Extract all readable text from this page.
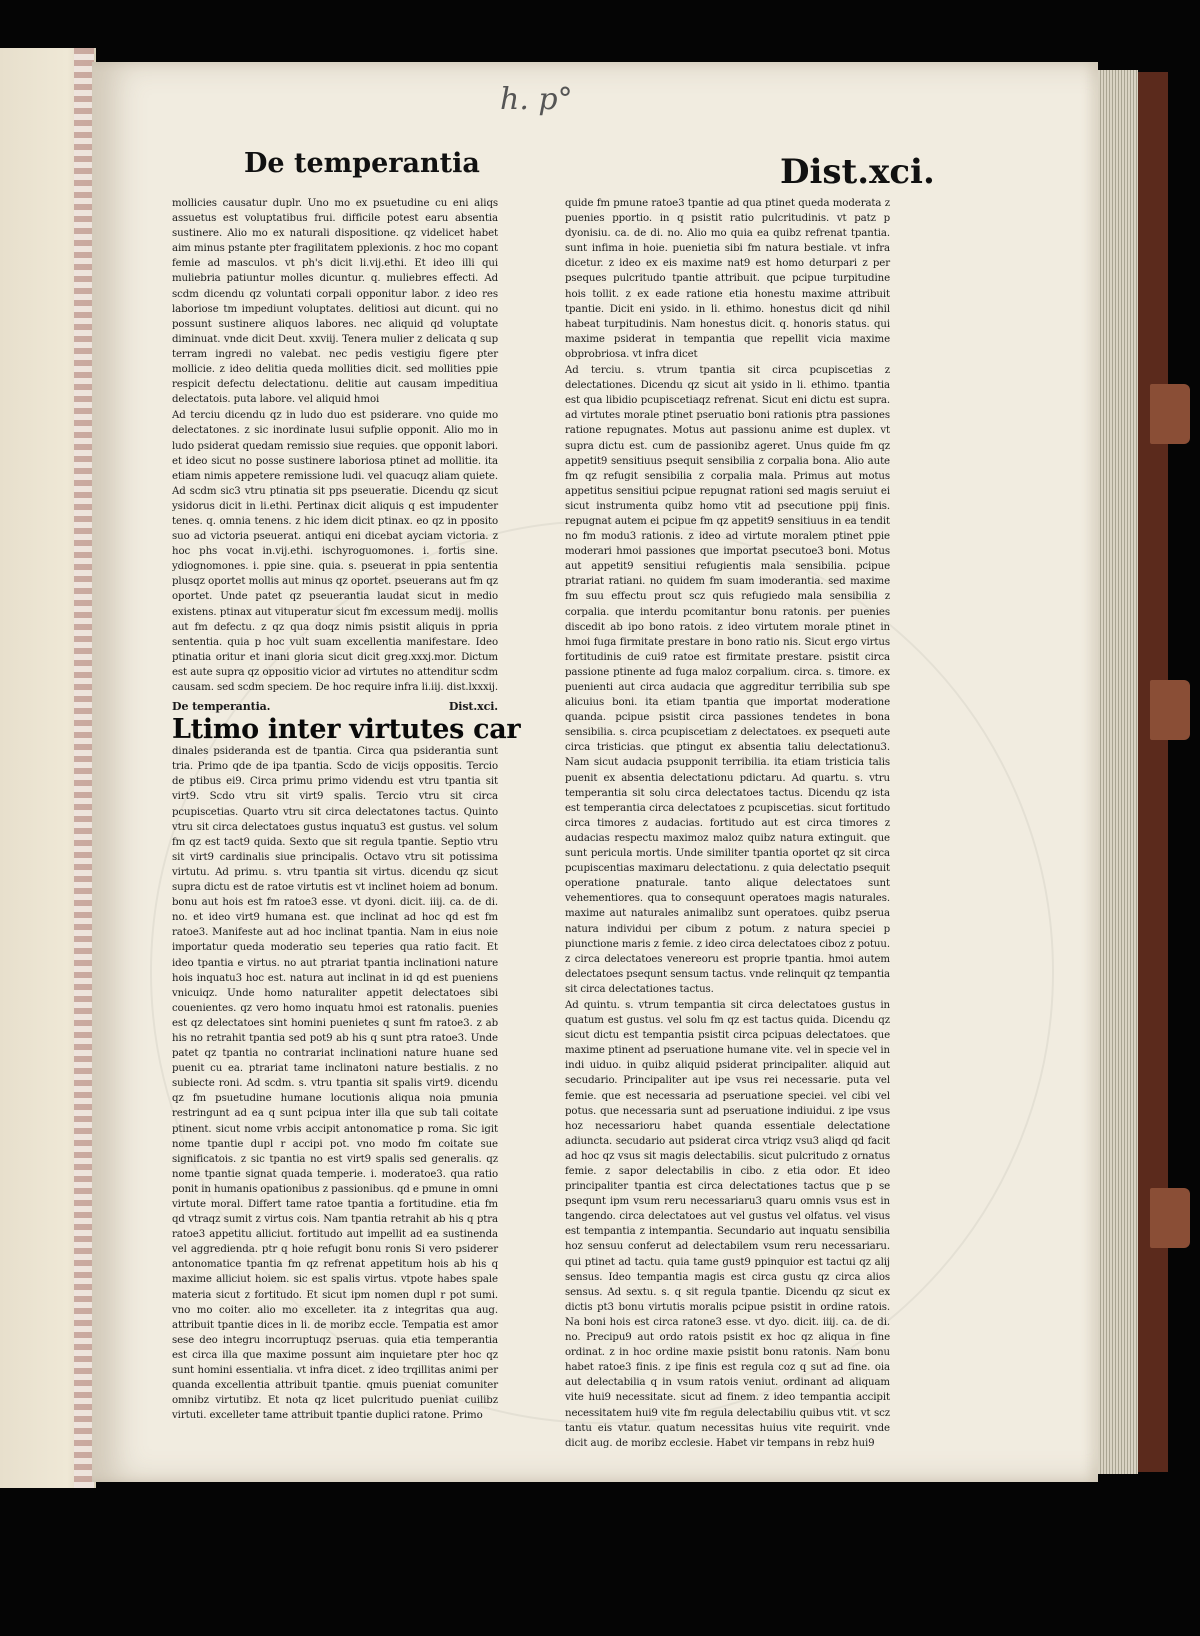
h. p°
De temperantia	Dist.xci.

mollicies causatur duplr. Uno mo ex psuetudine cu eni aliqs assuetus est voluptatibus frui. difficile potest earu absentia sustinere. Alio mo ex naturali dispositione. qz videlicet habet aim minus pstante pter fragilitatem pplexionis. z hoc mo copant femie ad masculos. vt ph's dicit li.vij.ethi. Et ideo illi qui muliebria patiuntur molles dicuntur. q. muliebres effecti. Ad scdm dicendu qz voluntati corpali opponitur labor. z ideo res laboriose tm impediunt voluptates. delitiosi aut dicunt. qui no possunt sustinere aliquos labores. nec aliquid qd voluptate diminuat. vnde dicit Deut. xxviij. Tenera mulier z delicata q sup terram ingredi no valebat. nec pedis vestigiu figere pter mollicie. z ideo delitia queda mollities dicit. sed mollities ppie respicit defectu delectationu. delitie aut causam impeditiua delectatois. puta labore. vel aliquid hmoi

Ad terciu dicendu qz in ludo duo est psiderare. vno quide mo delectatones. z sic inordinate lusui sufplie opponit. Alio mo in ludo psiderat quedam remissio siue requies. que opponit labori. et ideo sicut no posse sustinere laboriosa ptinet ad mollitie. ita etiam nimis appetere remissione ludi. vel quacuqz aliam quiete. Ad scdm sic3 vtru ptinatia sit pps pseueratie. Dicendu qz sicut ysidorus dicit in li.ethi. Pertinax dicit aliquis q est impudenter tenes. q. omnia tenens. z hic idem dicit ptinax. eo qz in pposito suo ad victoria pseuerat. antiqui eni dicebat ayciam victoria. z hoc phs vocat in.vij.ethi. ischyroguomones. i. fortis sine. ydiognomones. i. ppie sine. quia. s. pseuerat in ppia sententia plusqz oportet mollis aut minus qz oportet. pseuerans aut fm qz oportet. Unde patet qz pseuerantia laudat sicut in medio existens. ptinax aut vituperatur sicut fm excessum medij. mollis aut fm defectu. z qz qua doqz nimis psistit aliquis in ppria sententia. quia p hoc vult suam excellentia manifestare. Ideo ptinatia oritur et inani gloria sicut dicit greg.xxxj.mor. Dictum est aute supra qz oppositio vicior ad virtutes no attenditur scdm causam. sed scdm speciem. De hoc require infra li.iij. dist.lxxxij.

De temperantia.	Dist.xci.
Ltimo inter virtutes car

dinales psideranda est de tpantia. Circa qua psiderantia sunt tria. Primo qde de ipa tpantia. Scdo de vicijs oppositis. Tercio de ptibus ei9. Circa primu primo videndu est vtru tpantia sit virt9. Scdo vtru sit virt9 spalis. Tercio vtru sit circa pcupiscetias. Quarto vtru sit circa delectatones tactus. Quinto vtru sit circa delectatoes gustus inquatu3 est gustus. vel solum fm qz est tact9 quida. Sexto que sit regula tpantie. Septio vtru sit virt9 cardinalis siue principalis. Octavo vtru sit potissima virtutu. Ad primu. s. vtru tpantia sit virtus. dicendu qz sicut supra dictu est de ratoe virtutis est vt inclinet hoiem ad bonum. bonu aut hois est fm ratoe3 esse. vt dyoni. dicit. iiij. ca. de di. no. et ideo virt9 humana est. que inclinat ad hoc qd est fm ratoe3. Manifeste aut ad hoc inclinat tpantia. Nam in eius noie importatur queda moderatio seu teperies qua ratio facit. Et ideo tpantia e virtus. no aut ptrariat tpantia inclinationi nature hois inquatu3 hoc est. natura aut inclinat in id qd est pueniens vnicuiqz. Unde homo naturaliter appetit delectatoes sibi couenientes. qz vero homo inquatu hmoi est ratonalis. puenies est qz delectatoes sint homini puenietes q sunt fm ratoe3. z ab his no retrahit tpantia sed pot9 ab his q sunt ptra ratoe3. Unde patet qz tpantia no contrariat inclinationi nature huane sed puenit cu ea. ptrariat tame inclinatoni nature bestialis. z no subiecte roni. Ad scdm. s. vtru tpantia sit spalis virt9. dicendu qz fm psuetudine humane locutionis aliqua noia pmunia restringunt ad ea q sunt pcipua inter illa que sub tali coitate ptinent. sicut nome vrbis accipit antonomatice p roma. Sic igit nome tpantie dupl r accipi pot. vno modo fm coitate sue significatois. z sic tpantia no est virt9 spalis sed generalis. qz nome tpantie signat quada temperie. i. moderatoe3. qua ratio ponit in humanis opationibus z passionibus. qd e pmune in omni virtute moral. Differt tame ratoe tpantia a fortitudine. etia fm qd vtraqz sumit z virtus cois. Nam tpantia retrahit ab his q ptra ratoe3 appetitu alliciut. fortitudo aut impellit ad ea sustinenda vel aggredienda. ptr q hoie refugit bonu ronis Si vero psiderer antonomatice tpantia fm qz refrenat appetitum hois ab his q maxime alliciut hoiem. sic est spalis virtus. vtpote habes spale materia sicut z fortitudo. Et sicut ipm nomen dupl r pot sumi. vno mo coiter. alio mo excelleter. ita z integritas qua aug. attribuit tpantie dices in li. de moribz eccle. Tempatia est amor sese deo integru incorruptuqz pseruas. quia etia temperantia est circa illa que maxime possunt aim inquietare pter hoc qz sunt homini essentialia. vt infra dicet. z ideo trqillitas animi per quanda excellentia attribuit tpantie. qmuis pueniat comuniter omnibz virtutibz. Et nota qz licet pulcritudo pueniat cuilibz virtuti. excelleter tame attribuit tpantie duplici ratone. Primo

quide fm pmune ratoe3 tpantie ad qua ptinet queda moderata z puenies pportio. in q psistit ratio pulcritudinis. vt patz p dyonisiu. ca. de di. no. Alio mo quia ea quibz refrenat tpantia. sunt infima in hoie. puenietia sibi fm natura bestiale. vt infra dicetur. z ideo ex eis maxime nat9 est homo deturpari z per pseques pulcritudo tpantie attribuit. que pcipue turpitudine hois tollit. z ex eade ratione etia honestu maxime attribuit tpantie. Dicit eni ysido. in li. ethimo. honestus dicit qd nihil habeat turpitudinis. Nam honestus dicit. q. honoris status. qui maxime psiderat in tempantia que repellit vicia maxime obprobriosa. vt infra dicet

Ad terciu. s. vtrum tpantia sit circa pcupiscetias z delectationes. Dicendu qz sicut ait ysido in li. ethimo. tpantia est qua libidio pcupiscetiaqz refrenat. Sicut eni dictu est supra. ad virtutes morale ptinet pseruatio boni rationis ptra passiones ratione repugnates. Motus aut passionu anime est duplex. vt supra dictu est. cum de passionibz ageret. Unus quide fm qz appetit9 sensitiuus psequit sensibilia z corpalia bona. Alio aute fm qz refugit sensibilia z corpalia mala. Primus aut motus appetitus sensitiui pcipue repugnat rationi sed magis seruiut ei sicut instrumenta quibz homo vtit ad psecutione ppij finis. repugnat autem ei pcipue fm qz appetit9 sensitiuus in ea tendit no fm modu3 rationis. z ideo ad virtute moralem ptinet ppie moderari hmoi passiones que importat psecutoe3 boni. Motus aut appetit9 sensitiui refugientis mala sensibilia. pcipue ptrariat ratiani. no quidem fm suam imoderantia. sed maxime fm suu effectu prout scz quis refugiedo mala sensibilia z corpalia. que interdu pcomitantur bonu ratonis. per puenies discedit ab ipo bono ratois. z ideo virtutem morale ptinet in hmoi fuga firmitate prestare in bono ratio nis. Sicut ergo virtus fortitudinis de cui9 ratoe est firmitate prestare. psistit circa passione ptinente ad fuga maloz corpalium. circa. s. timore. ex puenienti aut circa audacia que aggreditur terribilia sub spe alicuius boni. ita etiam tpantia que importat moderatione quanda. pcipue psistit circa passiones tendetes in bona sensibilia. s. circa pcupiscetiam z delectatoes. ex psequeti aute circa tristicias. que ptingut ex absentia taliu delectationu3. Nam sicut audacia psupponit terribilia. ita etiam tristicia talis puenit ex absentia delectationu pdictaru. Ad quartu. s. vtru temperantia sit solu circa delectatoes tactus. Dicendu qz ista est temperantia circa delectatoes z pcupiscetias. sicut fortitudo circa timores z audacias. fortitudo aut est circa timores z audacias respectu maximoz maloz quibz natura extinguit. que sunt pericula mortis. Unde similiter tpantia oportet qz sit circa pcupiscentias maximaru delectationu. z quia delectatio psequit operatione pnaturale. tanto alique delectatoes sunt vehementiores. qua to consequunt operatoes magis naturales. maxime aut naturales animalibz sunt operatoes. quibz pserua natura individui per cibum z potum. z natura speciei p piunctione maris z femie. z ideo circa delectatoes ciboz z potuu. z circa delectatoes venereoru est proprie tpantia. hmoi autem delectatoes psequnt sensum tactus. vnde relinquit qz tempantia sit circa delectationes tactus.

Ad quintu. s. vtrum tempantia sit circa delectatoes gustus in quatum est gustus. vel solu fm qz est tactus quida. Dicendu qz sicut dictu est tempantia psistit circa pcipuas delectatoes. que maxime ptinent ad pseruatione humane vite. vel in specie vel in indi uiduo. in quibz aliquid psiderat principaliter. aliquid aut secudario. Principaliter aut ipe vsus rei necessarie. puta vel femie. que est necessaria ad pseruatione speciei. vel cibi vel potus. que necessaria sunt ad pseruatione indiuidui. z ipe vsus hoz necessarioru habet quanda essentiale delectatione adiuncta. secudario aut psiderat circa vtriqz vsu3 aliqd qd facit ad hoc qz vsus sit magis delectabilis. sicut pulcritudo z ornatus femie. z sapor delectabilis in cibo. z etia odor. Et ideo principaliter tpantia est circa delectationes tactus que p se psequnt ipm vsum reru necessariaru3 quaru omnis vsus est in tangendo. circa delectatoes aut vel gustus vel olfatus. vel visus est tempantia z intempantia. Secundario aut inquatu sensibilia hoz sensuu conferut ad delectabilem vsum reru necessariaru. qui ptinet ad tactu. quia tame gust9 ppinquior est tactui qz alij sensus. Ideo tempantia magis est circa gustu qz circa alios sensus. Ad sextu. s. q sit regula tpantie. Dicendu qz sicut ex dictis pt3 bonu virtutis moralis pcipue psistit in ordine ratois. Na boni hois est circa ratone3 esse. vt dyo. dicit. iiij. ca. de di. no. Precipu9 aut ordo ratois psistit ex hoc qz aliqua in fine ordinat. z in hoc ordine maxie psistit bonu ratonis. Nam bonu habet ratoe3 finis. z ipe finis est regula coz q sut ad fine. oia aut delectabilia q in vsum ratois veniut. ordinant ad aliquam vite hui9 necessitate. sicut ad finem. z ideo tempantia accipit necessitatem hui9 vite fm regula delectabiliu quibus vtit. vt scz tantu eis vtatur. quatum necessitas huius vite requirit. vnde dicit aug. de moribz ecclesie. Habet vir tempans in rebz hui9
